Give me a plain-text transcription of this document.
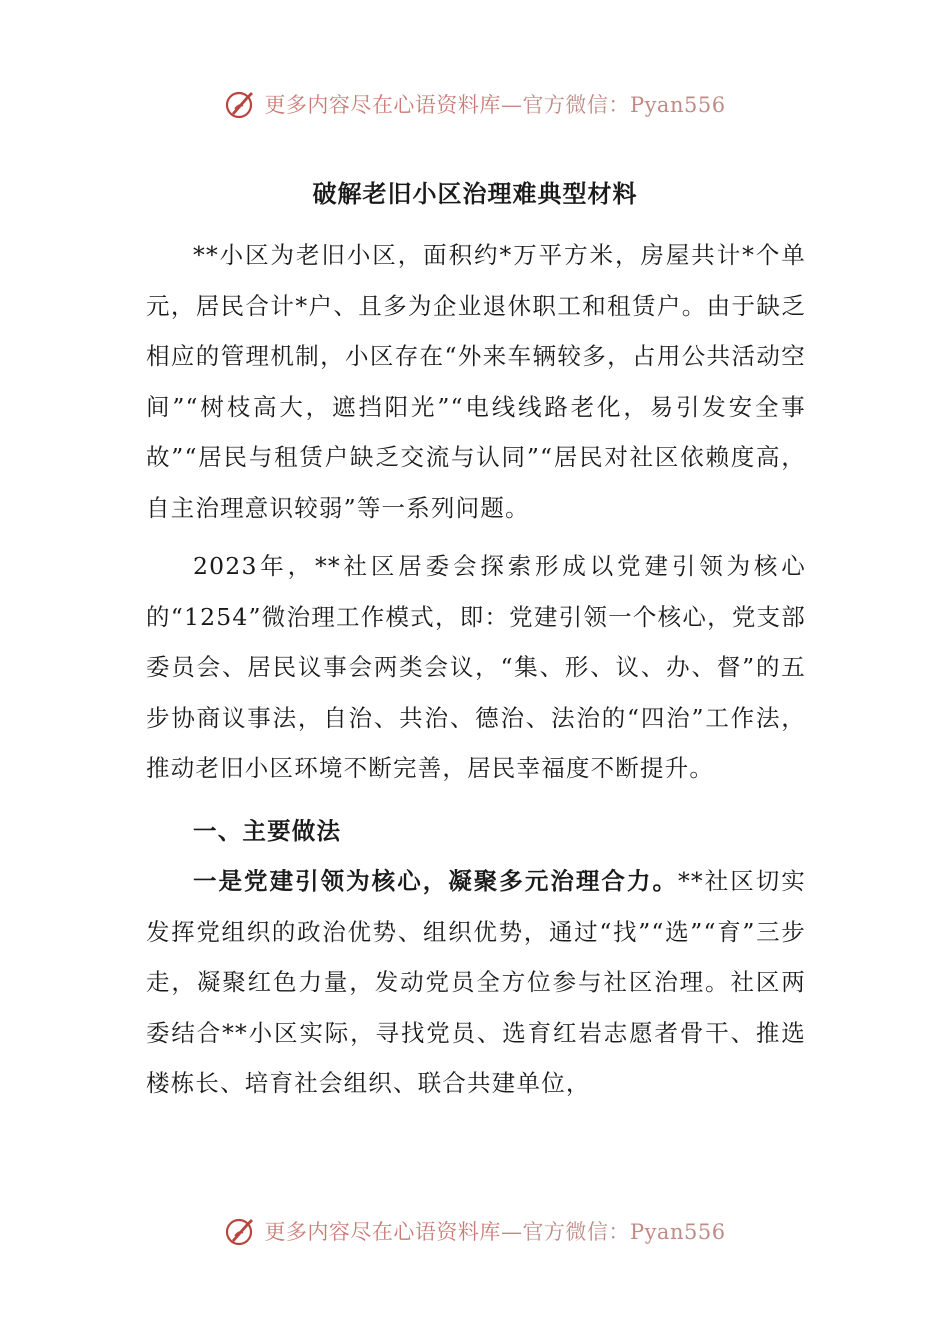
更多内容尽在心语资料库—官方微信：Pyan556
破解老旧小区治理难典型材料

**小区为老旧小区，面积约*万平方米，房屋共计*个单元，居民合计*户、且多为企业退休职工和租赁户。由于缺乏相应的管理机制，小区存在“外来车辆较多，占用公共活动空间”“树枝高大，遮挡阳光”“电线线路老化，易引发安全事故”“居民与租赁户缺乏交流与认同”“居民对社区依赖度高，自主治理意识较弱”等一系列问题。

2023年，**社区居委会探索形成以党建引领为核心的“1254”微治理工作模式，即：党建引领一个核心，党支部委员会、居民议事会两类会议，“集、形、议、办、督”的五步协商议事法，自治、共治、德治、法治的“四治”工作法，推动老旧小区环境不断完善，居民幸福度不断提升。

一、主要做法

一是党建引领为核心，凝聚多元治理合力。**社区切实发挥党组织的政治优势、组织优势，通过“找”“选”“育”三步走，凝聚红色力量，发动党员全方位参与社区治理。社区两委结合**小区实际，寻找党员、选育红岩志愿者骨干、推选楼栋长、培育社会组织、联合共建单位，

更多内容尽在心语资料库—官方微信：Pyan556
